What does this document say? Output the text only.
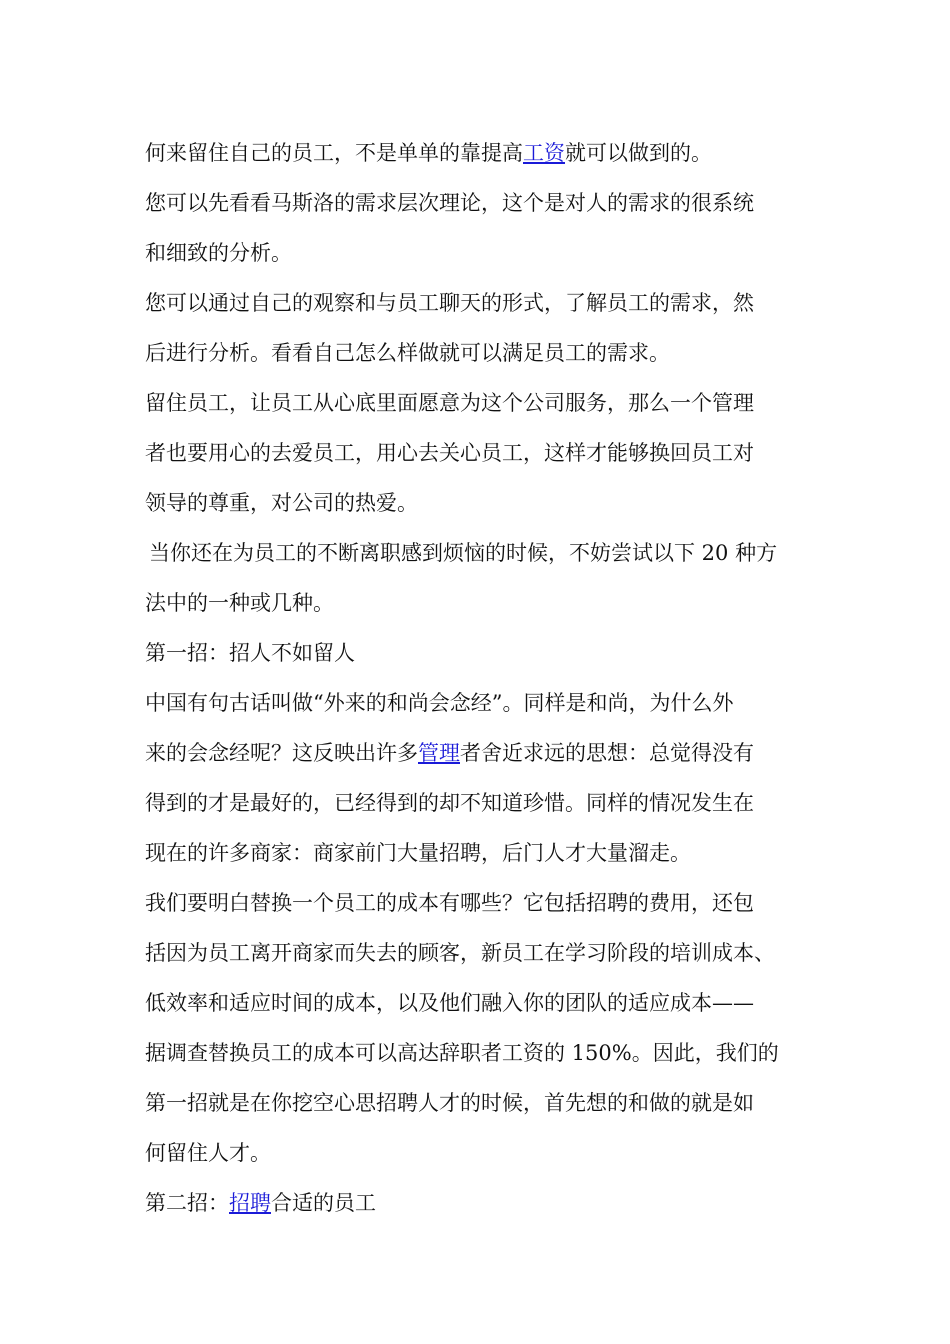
何来留住自己的员工，不是单单的靠提高工资就可以做到的。
您可以先看看马斯洛的需求层次理论，这个是对人的需求的很系统
和细致的分析。
您可以通过自己的观察和与员工聊天的形式，了解员工的需求，然
后进行分析。看看自己怎么样做就可以满足员工的需求。
留住员工，让员工从心底里面愿意为这个公司服务，那么一个管理
者也要用心的去爱员工，用心去关心员工，这样才能够换回员工对
领导的尊重，对公司的热爱。
当你还在为员工的不断离职感到烦恼的时候，不妨尝试以下 20 种方
法中的一种或几种。
第一招：招人不如留人
中国有句古话叫做“外来的和尚会念经”。同样是和尚，为什么外
来的会念经呢？这反映出许多管理者舍近求远的思想：总觉得没有
得到的才是最好的，已经得到的却不知道珍惜。同样的情况发生在
现在的许多商家：商家前门大量招聘，后门人才大量溜走。
我们要明白替换一个员工的成本有哪些？它包括招聘的费用，还包
括因为员工离开商家而失去的顾客，新员工在学习阶段的培训成本、
低效率和适应时间的成本，以及他们融入你的团队的适应成本——
据调查替换员工的成本可以高达辞职者工资的 150%。因此，我们的
第一招就是在你挖空心思招聘人才的时候，首先想的和做的就是如
何留住人才。
第二招：招聘合适的员工
